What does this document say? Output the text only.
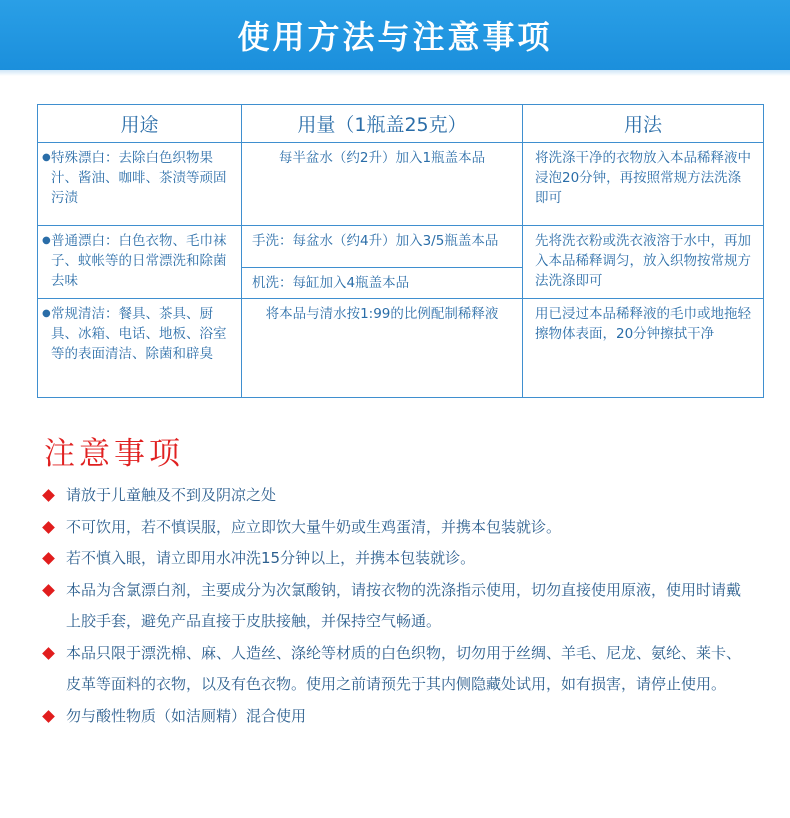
使用方法与注意事项
用途	用量（1瓶盖25克）	用法
●特殊漂白：去除白色织物果汁、酱油、咖啡、茶渍等顽固污渍	每半盆水（约2升）加入1瓶盖本品	将洗涤干净的衣物放入本品稀释液中浸泡20分钟，再按照常规方法洗涤即可
●普通漂白：白色衣物、毛巾袜子、蚊帐等的日常漂洗和除菌去味	手洗：每盆水（约4升）加入3/5瓶盖本品	先将洗衣粉或洗衣液溶于水中，再加入本品稀释调匀，放入织物按常规方法洗涤即可
	机洗：每缸加入4瓶盖本品	
●常规清洁：餐具、茶具、厨具、冰箱、电话、地板、浴室等的表面清洁、除菌和辟臭	将本品与清水按1:99的比例配制稀释液	用已浸过本品稀释液的毛巾或地拖轻擦物体表面，20分钟擦拭干净
注意事项
请放于儿童触及不到及阴凉之处
不可饮用，若不慎误服，应立即饮大量牛奶或生鸡蛋清，并携本包装就诊。
若不慎入眼，请立即用水冲洗15分钟以上，并携本包装就诊。
本品为含氯漂白剂，主要成分为次氯酸钠，请按衣物的洗涤指示使用，切勿直接使用原液，使用时请戴上胶手套，避免产品直接于皮肤接触，并保持空气畅通。
本品只限于漂洗棉、麻、人造丝、涤纶等材质的白色织物，切勿用于丝绸、羊毛、尼龙、氨纶、莱卡、皮革等面料的衣物，以及有色衣物。使用之前请预先于其内侧隐藏处试用，如有损害，请停止使用。
勿与酸性物质（如洁厕精）混合使用
